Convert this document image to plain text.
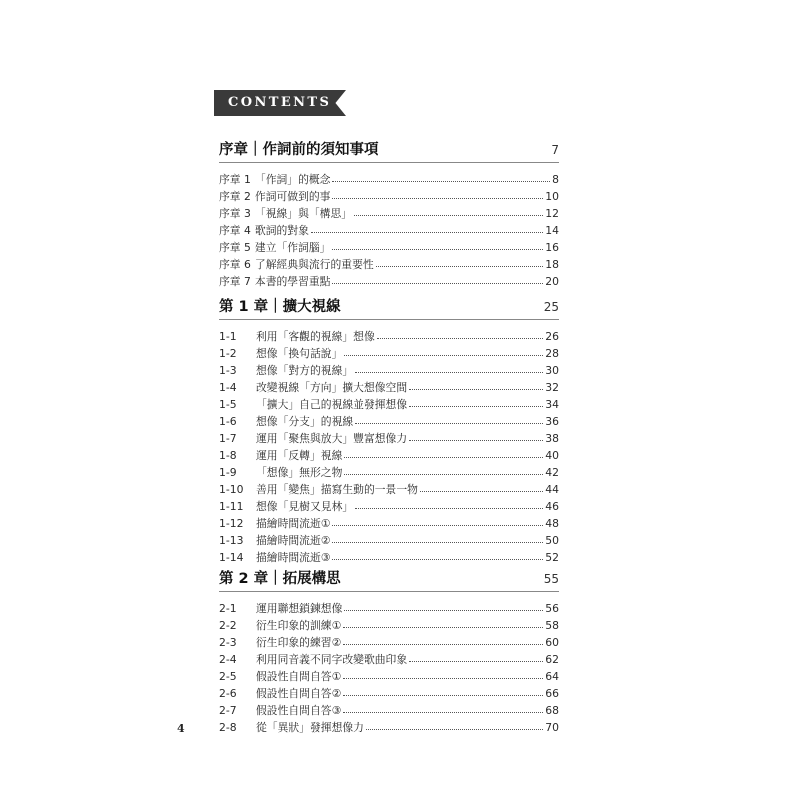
CONTENTS
序章｜作詞前的須知事項	7
序章 1 「作詞」的概念	8
序章 2 作詞可做到的事	10
序章 3 「視線」與「構思」	12
序章 4 歌詞的對象	14
序章 5 建立「作詞腦」	16
序章 6 了解經典與流行的重要性	18
序章 7 本書的學習重點	20
第 1 章｜擴大視線	25
1-1	利用「客觀的視線」想像	26
1-2	想像「換句話說」	28
1-3	想像「對方的視線」	30
1-4	改變視線「方向」擴大想像空間	32
1-5	「擴大」自己的視線並發揮想像	34
1-6	想像「分支」的視線	36
1-7	運用「聚焦與放大」豐富想像力	38
1-8	運用「反轉」視線	40
1-9	「想像」無形之物	42
1-10	善用「變焦」描寫生動的一景一物	44
1-11	想像「見樹又見林」	46
1-12	描繪時間流逝①	48
1-13	描繪時間流逝②	50
1-14	描繪時間流逝③	52
第 2 章｜拓展構思	55
2-1	運用聯想鎖鍊想像	56
2-2	衍生印象的訓練①	58
2-3	衍生印象的練習②	60
2-4	利用同音義不同字改變歌曲印象	62
2-5	假設性自問自答①	64
2-6	假設性自問自答②	66
2-7	假設性自問自答③	68
2-8	從「異狀」發揮想像力	70
4
